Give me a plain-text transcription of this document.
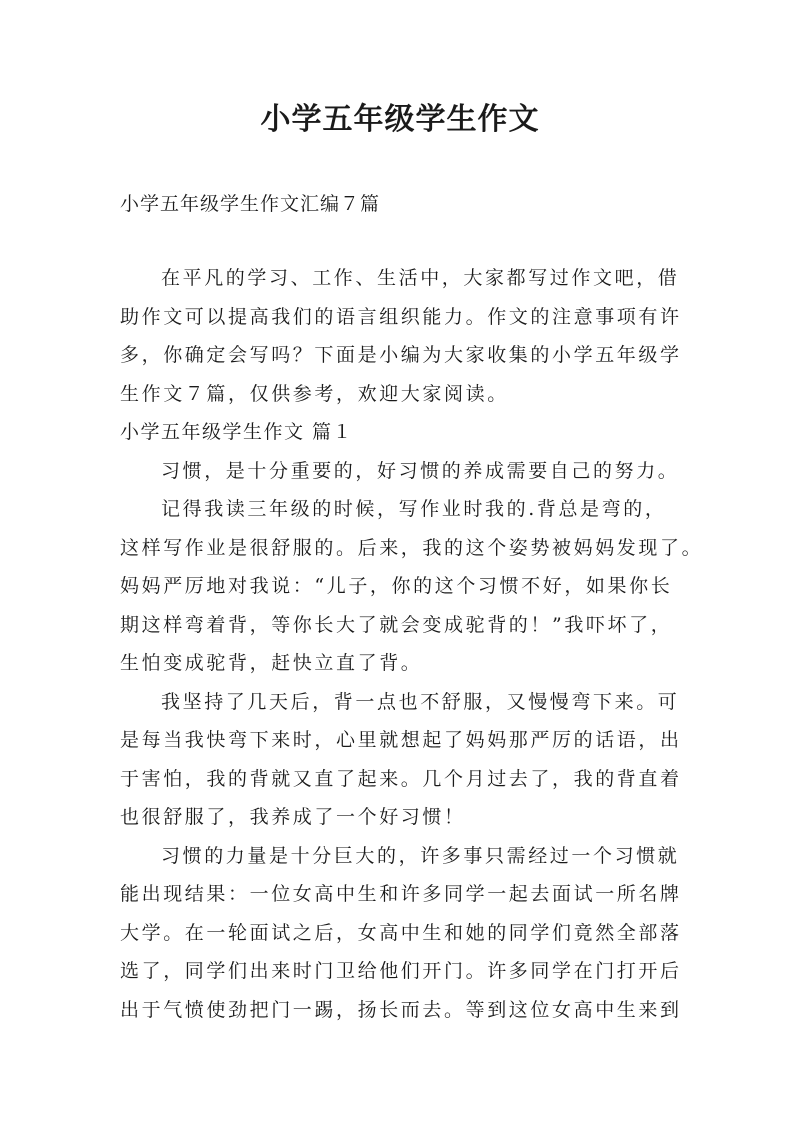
小学五年级学生作文
小学五年级学生作文汇编７篇
在平凡的学习、工作、生活中，大家都写过作文吧，借
助作文可以提高我们的语言组织能力。作文的注意事项有许
多，你确定会写吗？下面是小编为大家收集的小学五年级学
生作文７篇，仅供参考，欢迎大家阅读。
小学五年级学生作文 篇１
习惯，是十分重要的，好习惯的养成需要自己的努力。
记得我读三年级的时候，写作业时我的.背总是弯的，
这样写作业是很舒服的。后来，我的这个姿势被妈妈发现了。
妈妈严厉地对我说：“儿子，你的这个习惯不好，如果你长
期这样弯着背，等你长大了就会变成驼背的！”我吓坏了，
生怕变成驼背，赶快立直了背。
我坚持了几天后，背一点也不舒服，又慢慢弯下来。可
是每当我快弯下来时，心里就想起了妈妈那严厉的话语，出
于害怕，我的背就又直了起来。几个月过去了，我的背直着
也很舒服了，我养成了一个好习惯！
习惯的力量是十分巨大的，许多事只需经过一个习惯就
能出现结果：一位女高中生和许多同学一起去面试一所名牌
大学。在一轮面试之后，女高中生和她的同学们竟然全部落
选了，同学们出来时门卫给他们开门。许多同学在门打开后
出于气愤使劲把门一踢，扬长而去。等到这位女高中生来到
